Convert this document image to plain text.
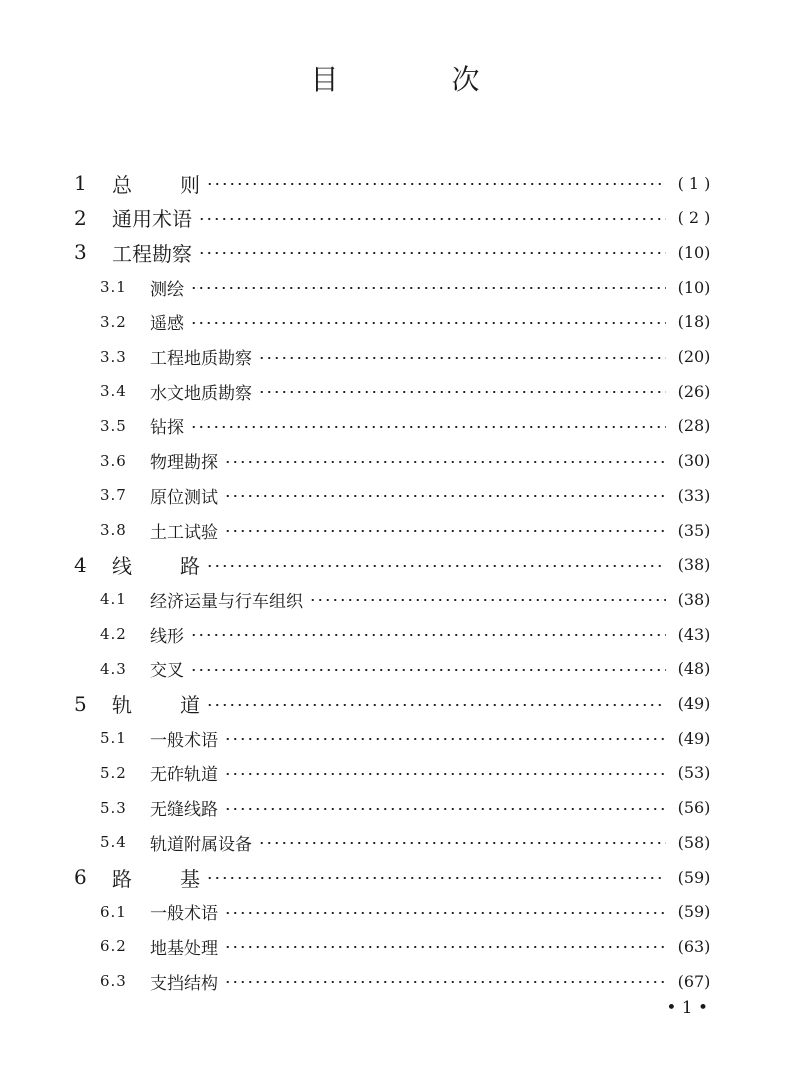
目 次
1 总 则	( 1 )
2 通用术语	( 2 )
3 工程勘察	(10)
3.1 测绘	(10)
3.2 遥感	(18)
3.3 工程地质勘察	(20)
3.4 水文地质勘察	(26)
3.5 钻探	(28)
3.6 物理勘探	(30)
3.7 原位测试	(33)
3.8 土工试验	(35)
4 线 路	(38)
4.1 经济运量与行车组织	(38)
4.2 线形	(43)
4.3 交叉	(48)
5 轨 道	(49)
5.1 一般术语	(49)
5.2 无砟轨道	(53)
5.3 无缝线路	(56)
5.4 轨道附属设备	(58)
6 路 基	(59)
6.1 一般术语	(59)
6.2 地基处理	(63)
6.3 支挡结构	(67)
• 1 •
